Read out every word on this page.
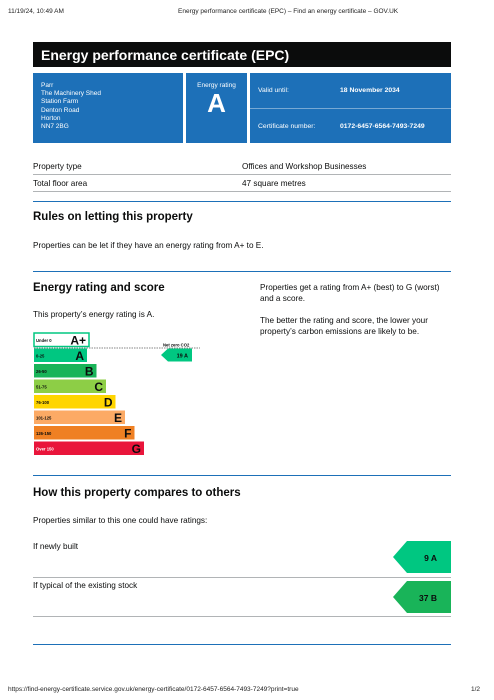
11/19/24, 10:49 AM	Energy performance certificate (EPC) – Find an energy certificate – GOV.UK
Energy performance certificate (EPC)
Parr
The Machinery Shed
Station Farm
Denton Road
Horton
NN7 2BG
Energy rating
A	Valid until:	18 November 2034
Certificate number:	0172-6457-6564-7493-7249
Property type	Offices and Workshop Businesses
Total floor area	47 square metres
Rules on letting this property
Properties can be let if they have an energy rating from A+ to E.
Energy rating and score
This property’s energy rating is A.
Properties get a rating from A+ (best) to G (worst) and a score.
The better the rating and score, the lower your property’s carbon emissions are likely to be.
Under 0 A+
0-25	A
26-50	B
51-75	C
76-100	D
101-125	E
126-150	F
Over 150	G
Net zero CO2
19 A
How this property compares to others
Properties similar to this one could have ratings:
If newly built
9 A
If typical of the existing stock
37 B
https://find-energy-certificate.service.gov.uk/energy-certificate/0172-6457-6564-7493-7249?print=true	1/2
